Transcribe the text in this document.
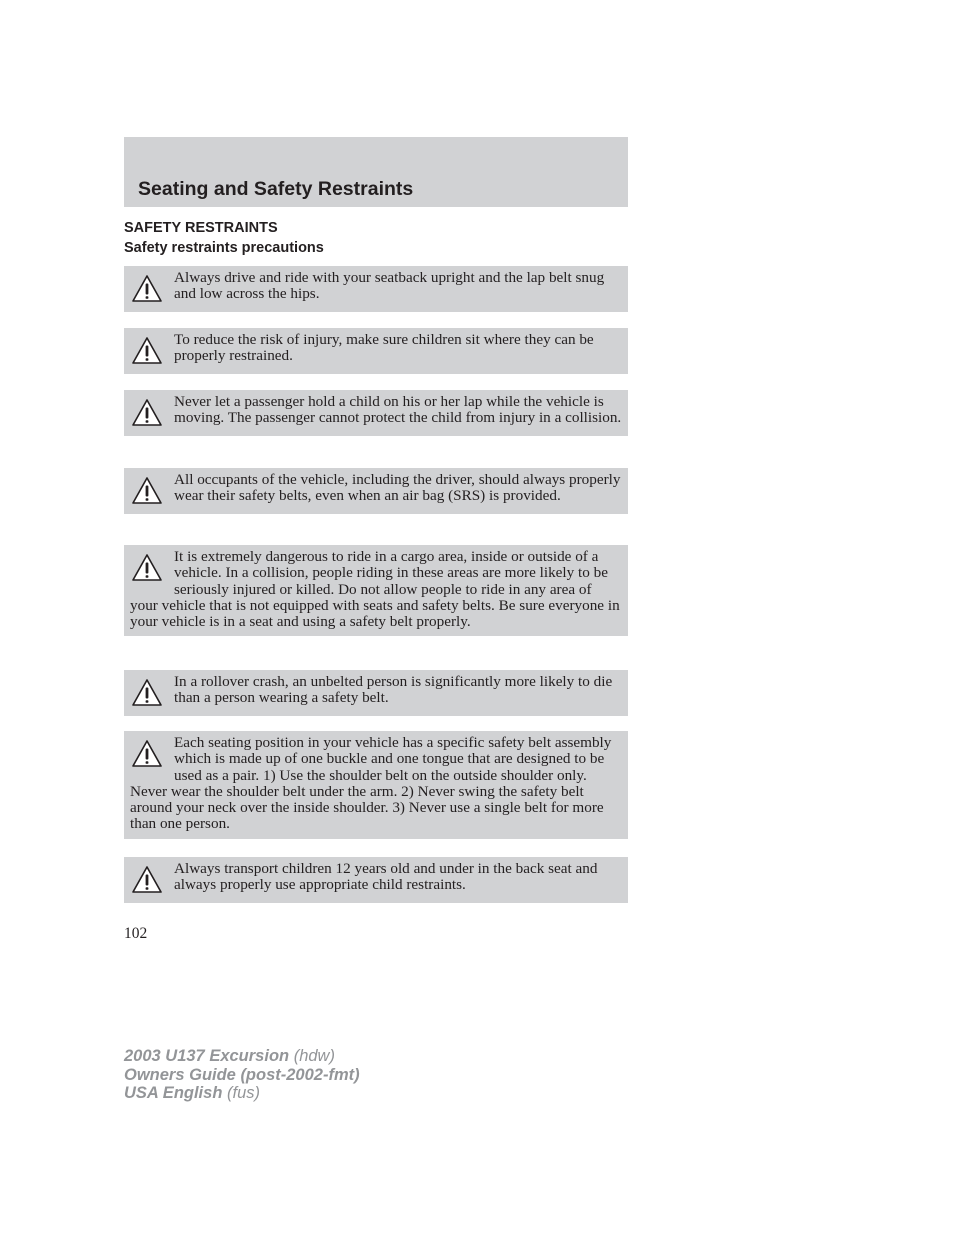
Seating and Safety Restraints
SAFETY RESTRAINTS
Safety restraints precautions

Always drive and ride with your seatback upright and the lap belt snug and low across the hips.

To reduce the risk of injury, make sure children sit where they can be properly restrained.

Never let a passenger hold a child on his or her lap while the vehicle is moving. The passenger cannot protect the child from injury in a collision.

All occupants of the vehicle, including the driver, should always properly wear their safety belts, even when an air bag (SRS) is provided.

It is extremely dangerous to ride in a cargo area, inside or outside of a vehicle. In a collision, people riding in these areas are more likely to be seriously injured or killed. Do not allow people to ride in any area of your vehicle that is not equipped with seats and safety belts. Be sure everyone in your vehicle is in a seat and using a safety belt properly.

In a rollover crash, an unbelted person is significantly more likely to die than a person wearing a safety belt.

Each seating position in your vehicle has a specific safety belt assembly which is made up of one buckle and one tongue that are designed to be used as a pair. 1) Use the shoulder belt on the outside shoulder only. Never wear the shoulder belt under the arm. 2) Never swing the safety belt around your neck over the inside shoulder. 3) Never use a single belt for more than one person.

Always transport children 12 years old and under in the back seat and always properly use appropriate child restraints.

102

2003 U137 Excursion (hdw)
Owners Guide (post-2002-fmt)
USA English (fus)
